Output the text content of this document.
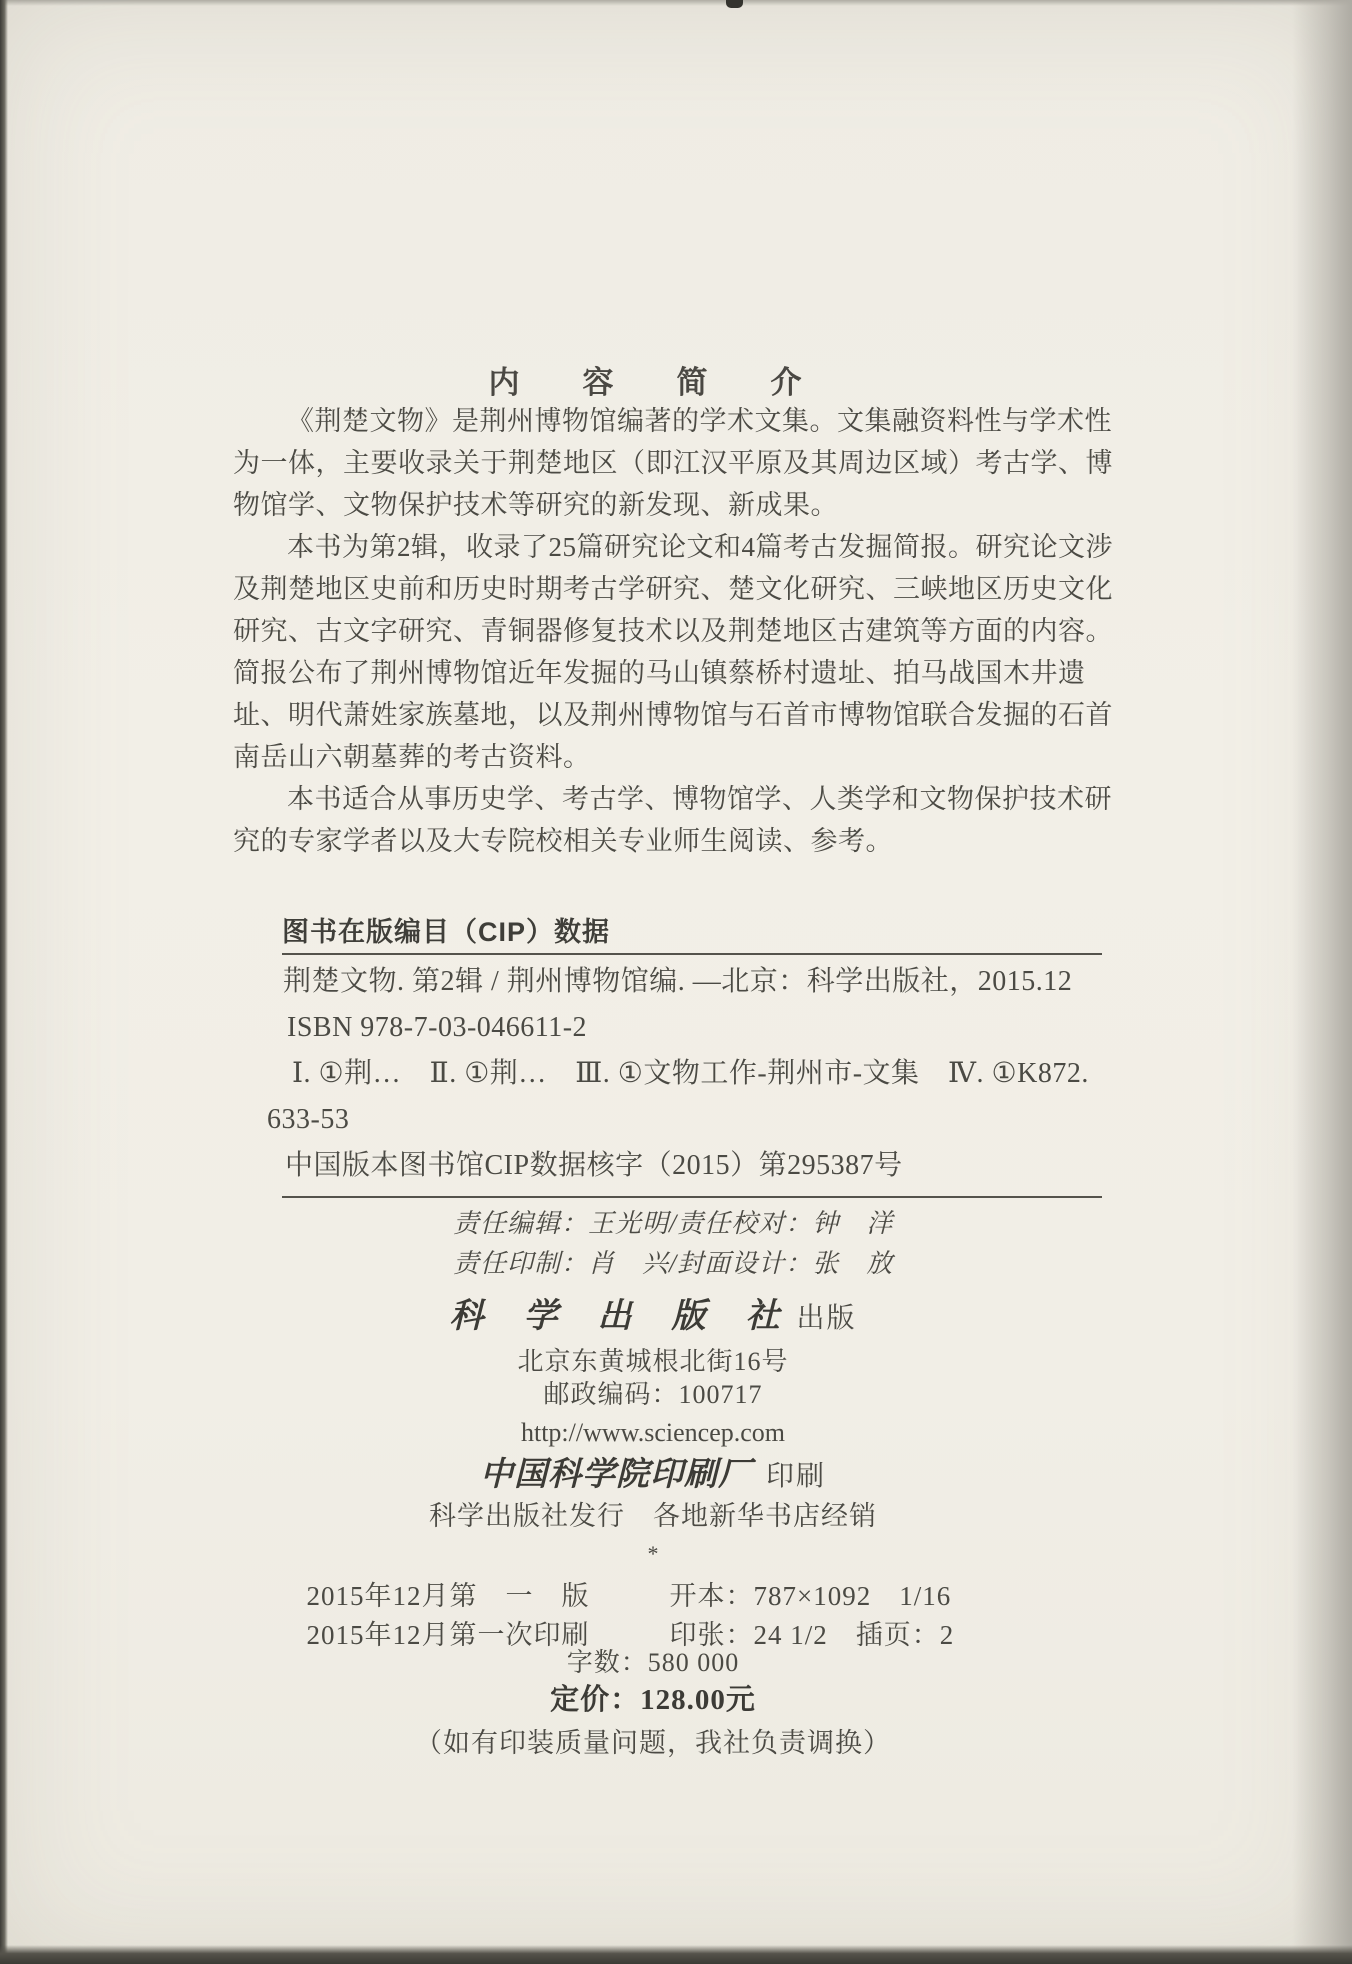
内　容　简　介
《荆楚文物》是荆州博物馆编著的学术文集。文集融资料性与学术性
为一体，主要收录关于荆楚地区（即江汉平原及其周边区域）考古学、博
物馆学、文物保护技术等研究的新发现、新成果。
本书为第2辑，收录了25篇研究论文和4篇考古发掘简报。研究论文涉
及荆楚地区史前和历史时期考古学研究、楚文化研究、三峡地区历史文化
研究、古文字研究、青铜器修复技术以及荆楚地区古建筑等方面的内容。
简报公布了荆州博物馆近年发掘的马山镇蔡桥村遗址、拍马战国木井遗
址、明代萧姓家族墓地，以及荆州博物馆与石首市博物馆联合发掘的石首
南岳山六朝墓葬的考古资料。
本书适合从事历史学、考古学、博物馆学、人类学和文物保护技术研
究的专家学者以及大专院校相关专业师生阅读、参考。
图书在版编目（CIP）数据
荆楚文物. 第2辑 / 荆州博物馆编. —北京：科学出版社，2015.12
ISBN 978-7-03-046611-2
Ⅰ. ①荆…　Ⅱ. ①荆…　Ⅲ. ①文物工作-荆州市-文集　Ⅳ. ①K872.
633-53
中国版本图书馆CIP数据核字（2015）第295387号
责任编辑：王光明/责任校对：钟　洋
责任印制：肖　兴/封面设计：张　放
科　学　出　版　社 出版
北京东黄城根北街16号
邮政编码：100717
http://www.sciencep.com
中国科学院印刷厂 印刷
科学出版社发行　各地新华书店经销
*
2015年12月第　一　版	开本：787×1092　1/16
2015年12月第一次印刷	印张：24 1/2　插页：2
字数：580 000
定价：128.00元
（如有印装质量问题，我社负责调换）
